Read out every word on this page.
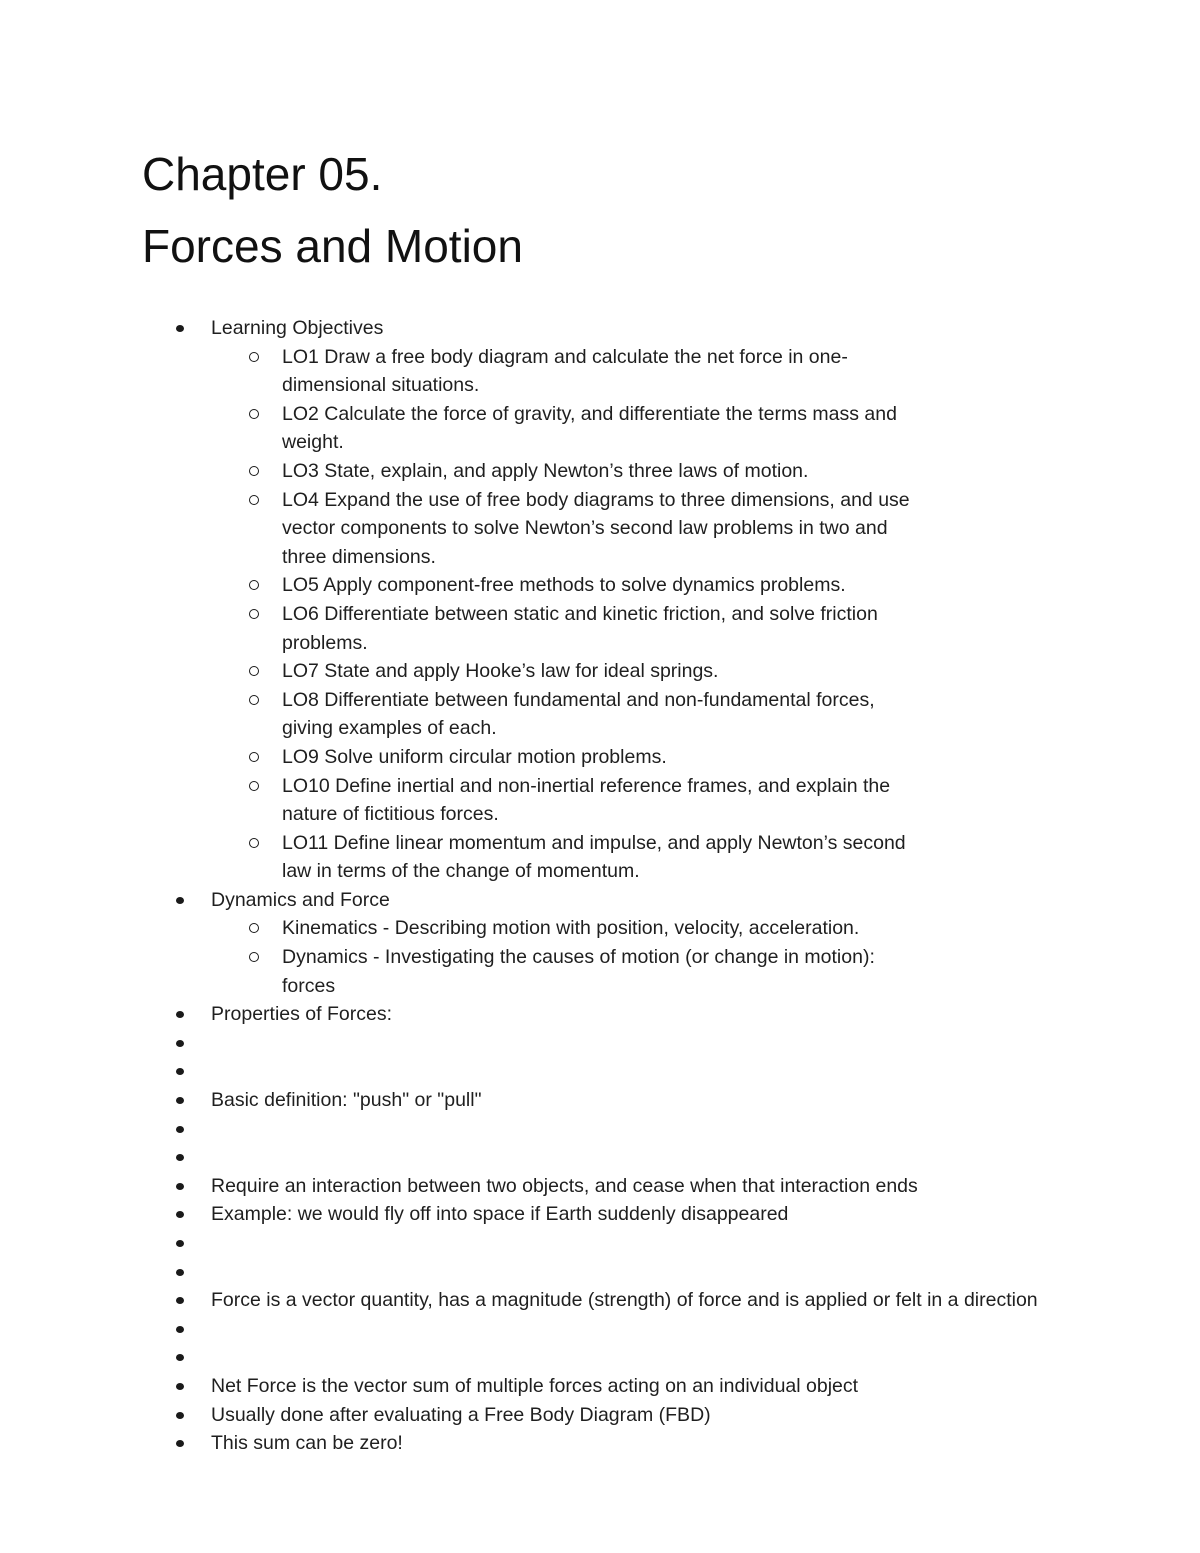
Chapter 05.
Forces and Motion
Learning Objectives
LO1 Draw a free body diagram and calculate the net force in one-dimensional situations.
LO2 Calculate the force of gravity, and differentiate the terms mass and weight.
LO3 State, explain, and apply Newton’s three laws of motion.
LO4 Expand the use of free body diagrams to three dimensions, and use vector components to solve Newton’s second law problems in two and three dimensions.
LO5 Apply component-free methods to solve dynamics problems.
LO6 Differentiate between static and kinetic friction, and solve friction problems.
LO7 State and apply Hooke’s law for ideal springs.
LO8 Differentiate between fundamental and non-fundamental forces, giving examples of each.
LO9 Solve uniform circular motion problems.
LO10 Define inertial and non-inertial reference frames, and explain the nature of fictitious forces.
LO11 Define linear momentum and impulse, and apply Newton’s second law in terms of the change of momentum.
Dynamics and Force
Kinematics - Describing motion with position, velocity, acceleration.
Dynamics - Investigating the causes of motion (or change in motion): forces
Properties of Forces:
Basic definition: "push" or "pull"
Require an interaction between two objects, and cease when that interaction ends
Example: we would fly off into space if Earth suddenly disappeared
Force is a vector quantity, has a magnitude (strength) of force and is applied or felt in a direction
Net Force is the vector sum of multiple forces acting on an individual object
Usually done after evaluating a Free Body Diagram (FBD)
This sum can be zero!
